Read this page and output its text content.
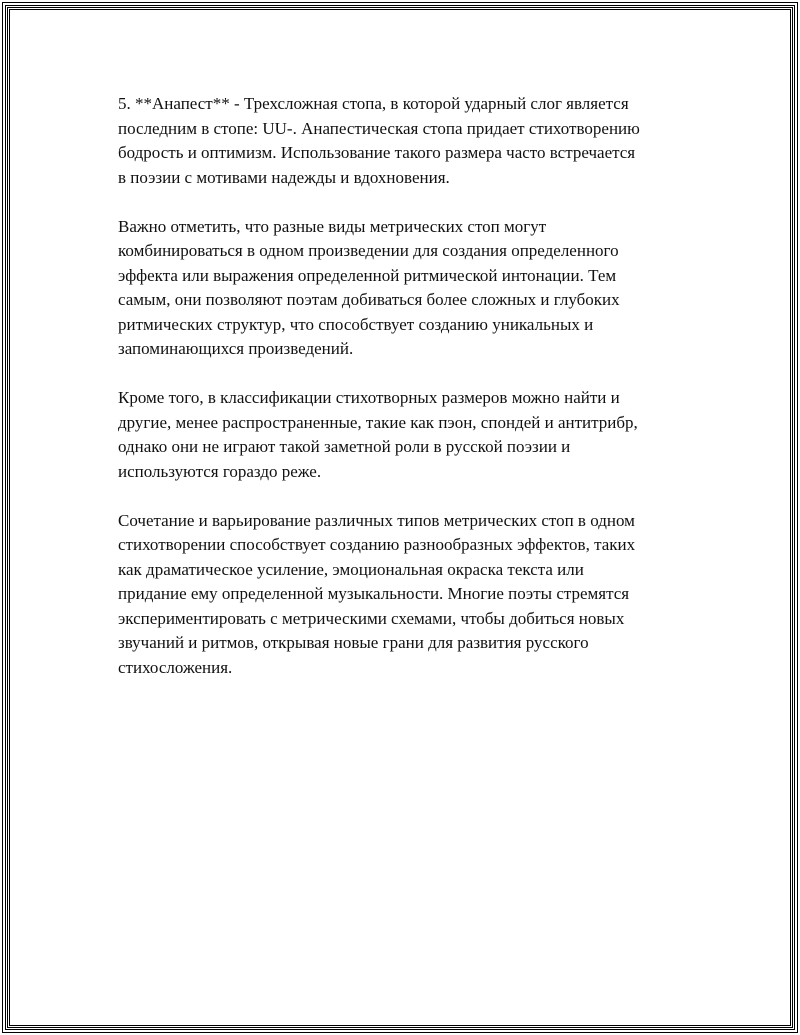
5. **Анапест** - Трехсложная стопа, в которой ударный слог является
последним в стопе: UU-. Анапестическая стопа придает стихотворению
бодрость и оптимизм. Использование такого размера часто встречается
в поэзии с мотивами надежды и вдохновения.

Важно отметить, что разные виды метрических стоп могут
комбинироваться в одном произведении для создания определенного
эффекта или выражения определенной ритмической интонации. Тем
самым, они позволяют поэтам добиваться более сложных и глубоких
ритмических структур, что способствует созданию уникальных и
запоминающихся произведений.

Кроме того, в классификации стихотворных размеров можно найти и
другие, менее распространенные, такие как пэон, спондей и антитрибр,
однако они не играют такой заметной роли в русской поэзии и
используются гораздо реже.

Сочетание и варьирование различных типов метрических стоп в одном
стихотворении способствует созданию разнообразных эффектов, таких
как драматическое усиление, эмоциональная окраска текста или
придание ему определенной музыкальности. Многие поэты стремятся
экспериментировать с метрическими схемами, чтобы добиться новых
звучаний и ритмов, открывая новые грани для развития русского
стихосложения.
